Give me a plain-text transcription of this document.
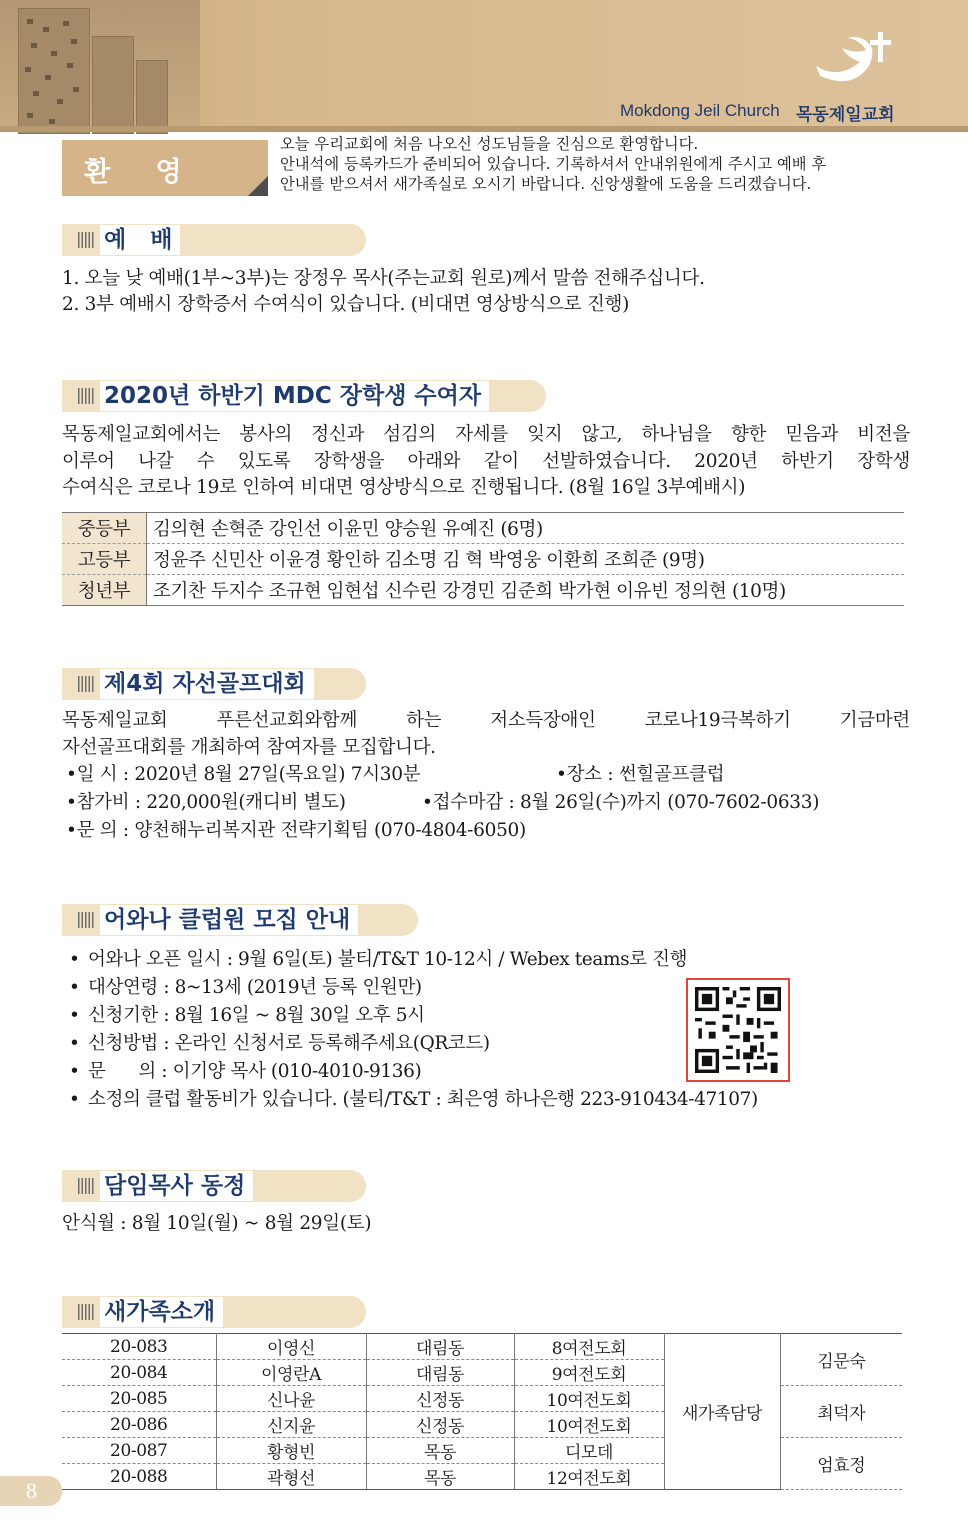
Mokdong Jeil Church 목동제일교회
환 영
오늘 우리교회에 처음 나오신 성도님들을 진심으로 환영합니다.
안내석에 등록카드가 준비되어 있습니다. 기록하셔서 안내위원에게 주시고 예배 후
안내를 받으셔서 새가족실로 오시기 바랍니다. 신앙생활에 도움을 드리겠습니다.
예   배
1. 오늘 낮 예배(1부~3부)는 장정우 목사(주는교회 원로)께서 말씀 전해주십니다.
2. 3부 예배시 장학증서 수여식이 있습니다. (비대면 영상방식으로 진행)
2020년 하반기 MDC 장학생 수여자
목동제일교회에서는 봉사의 정신과 섬김의 자세를 잊지 않고, 하나님을 향한 믿음과 비전을
이루어 나갈 수 있도록 장학생을 아래와 같이 선발하였습니다. 2020년 하반기 장학생
수여식은 코로나 19로 인하여 비대면 영상방식으로 진행됩니다. (8월 16일 3부예배시)
중등부	김의현 손혁준 강인선 이윤민 양승원 유예진 (6명)
고등부	정윤주 신민산 이윤경 황인하 김소명 김 혁 박영웅 이환희 조희준 (9명)
청년부	조기찬 두지수 조규현 임현섭 신수린 강경민 김준희 박가현 이유빈 정의현 (10명)
제4회 자선골프대회
목동제일교회 푸른선교회와함께 하는 저소득장애인 코로나19극복하기 기금마련
자선골프대회를 개최하여 참여자를 모집합니다.
•일 시 : 2020년 8월 27일(목요일) 7시30분	•장소 : 썬힐골프클럽
•참가비 : 220,000원(캐디비 별도)	•접수마감 : 8월 26일(수)까지 (070-7602-0633)
•문 의 : 양천해누리복지관 전략기획팀 (070-4804-6050)
어와나 클럽원 모집 안내
• 어와나 오픈 일시 : 9월 6일(토) 불티/T&T 10-12시 / Webex teams로 진행
• 대상연령 : 8~13세 (2019년 등록 인원만)
• 신청기한 : 8월 16일 ~ 8월 30일 오후 5시
• 신청방법 : 온라인 신청서로 등록해주세요(QR코드)
• 문      의 : 이기양 목사 (010-4010-9136)
• 소정의 클럽 활동비가 있습니다. (불티/T&T : 최은영 하나은행 223-910434-47107)
담임목사 동정
안식월 : 8월 10일(월) ~ 8월 29일(토)
새가족소개
20-083	이영신	대림동	8여전도회	새가족담당	김문숙
20-084	이영란A	대림동	9여전도회		
20-085	신나윤	신정동	10여전도회		최덕자
20-086	신지윤	신정동	10여전도회		
20-087	황형빈	목동	디모데		엄효정
20-088	곽형선	목동	12여전도회		
8
